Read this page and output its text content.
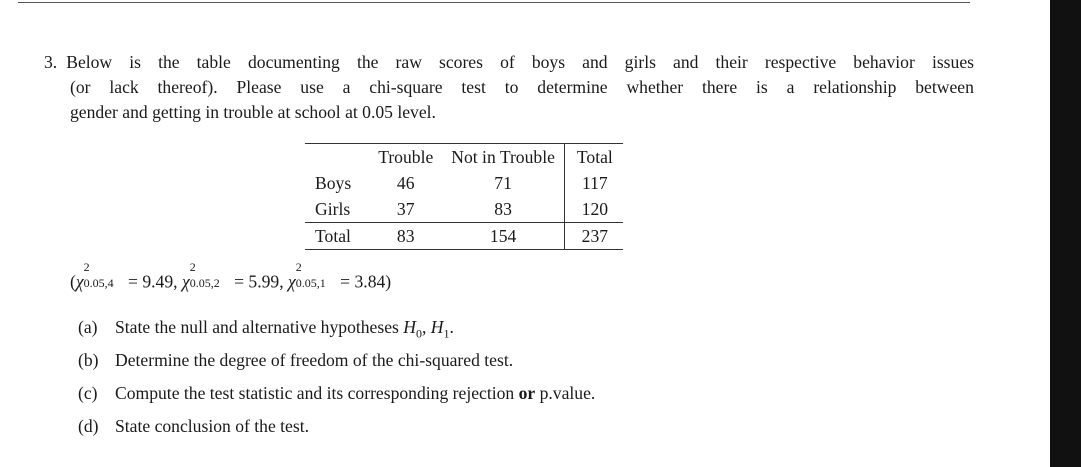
3. Below is the table documenting the raw scores of boys and girls and their respective behavior issues
(or lack thereof). Please use a chi-square test to determine whether there is a relationship between
gender and getting in trouble at school at 0.05 level.
	Trouble	Not in Trouble	Total
Boys	46	71	117
Girls	37	83	120
Total	83	154	237
(χ
2
0.05,4 = 9.49, χ
2
0.05,2 = 5.99, χ
2
0.05,1 = 3.84)
(a) State the null and alternative hypotheses $H_0$, $H_1$.
(b) Determine the degree of freedom of the chi-squared test.
(c) Compute the test statistic and its corresponding rejection or p.value.
(d) State conclusion of the test.
